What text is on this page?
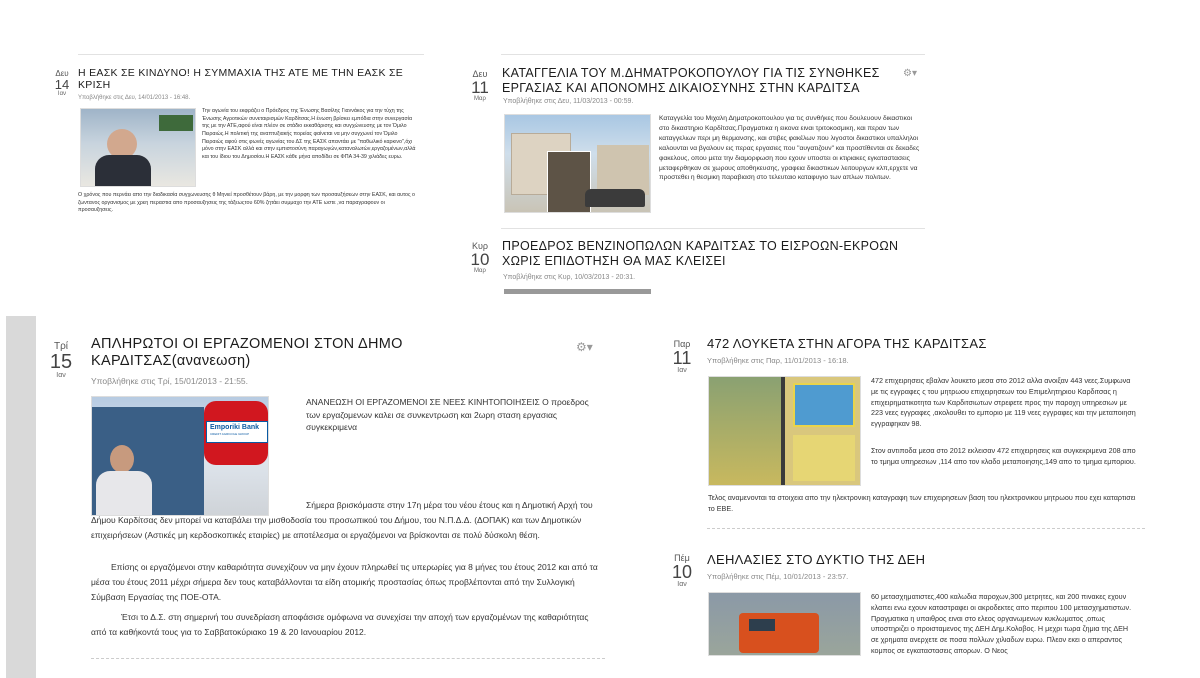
Δευ
14
Ιαν
Η ΕΑΣΚ ΣΕ ΚΙΝΔΥΝΟ! Η ΣΥΜΜΑΧΙΑ ΤΗΣ ΑΤΕ ΜΕ ΤΗΝ ΕΑΣΚ ΣΕ ΚΡΙΣΗ
Υποβλήθηκε στις Δευ, 14/01/2013 - 16:48.
Την αγωνία του εκφράζει ο Πρόεδρος της Ένωσης Βασίλης Γιαννάκος για την τύχη της Ένωσης Αγροτικών συνεταιρισμών Καρδίτσας.Η ένωση βρίσκει εμπόδια στην συνεργασία της με την ΑΤΕ,αφού είναι πλέον σε στάδιο εκκαθάρισης και συγχώνευσης με τον Όμιλο Πειραιώς.Η πολιτική της αναπτυξιακής πορείας φαίνεται να μην συγχωνεί τον Όμιλο Πειραιώς αφού στις φωνές αγωνίας του ΔΣ της ΕΑΣΚ απαντάει με "παθωλικό καρκινο",όχι μόνο στην ΕΑΣΚ αλλά και στην εμπιστοσύνη παραγωγών,καταναλωτών,εργαζομένων,αλλά και του ίδιου του Δημοσίου.Η ΕΑΣΚ κάθε μήνα αποδίδει σε ΦΠΑ 34-39 χιλιάδες ευρω.
Ο χρόνος που περνάει απο την διαδικασία συγχωνευσης θ Μηνιεί προσθέτουν βάρη, με την μορφη των προσαυξήσεων στην ΕΑΣΚ, και αυτος ο ζωντανος οργανισμος με χρεη περαστια απο προσαυξησεις της τάξεωςτου 60% ζητάει συμμαχο την ΑΤΕ ωστε ,να παραγραφουν οι προσαυξησεις.
Δευ
11
Μαρ
ΚΑΤΑΓΓΕΛΙΑ ΤΟΥ Μ.ΔΗΜΑΤΡΟΚΟΠΟΥΛΟΥ ΓΙΑ ΤΙΣ ΣΥΝΘΗΚΕΣ ΕΡΓΑΣΙΑΣ ΚΑΙ ΑΠΟΝΟΜΗΣ ΔΙΚΑΙΟΣΥΝΗΣ ΣΤΗΝ ΚΑΡΔΙΤΣΑ
⚙▾
Υποβλήθηκε στις Δευ, 11/03/2013 - 00:59.
Καταγγελία του Μιχαλη Δηματροκοπουλου για τις συνθήκες που δουλευουν δικαστικοι στο δικαστηριο Καρδίτσας.Πραγματικα η εικονα ειναι τριτοκοσμικη, και περαν των καταγγελιων περι μη θερμανσης, και στιβες φακέλων που λιγοστοι δικαστικοι υπαλληλοι καλουνται να βγαλουν εις περας εργασιες που "αυγατιζουν" και προστίθενται σε δεκαδες φακελους, οπου μετα την διαμορφωση που εχουν υποστει οι κτιριακες εγκαταστασεις μεταφερθηκαν σε χωρους αποθηκευσης, γραφεια δικαστικων λειτουργων κλπ,ερχετε να προστεθει η θεσμικη παραβιαση στο τελευταιο καταφυγιο των απλων πολιτων.
Κυρ
10
Μαρ
ΠΡΟΕΔΡΟΣ ΒΕΝΖΙΝΟΠΩΛΩΝ ΚΑΡΔΙΤΣΑΣ ΤΟ ΕΙΣΡΟΩΝ-ΕΚΡΟΩΝ ΧΩΡΙΣ ΕΠΙΔΟΤΗΣΗ ΘΑ ΜΑΣ ΚΛΕΙΣΕΙ
Υποβλήθηκε στις Κυρ, 10/03/2013 - 20:31.
Τρί
15
Ιαν
ΑΠΛΗΡΩΤΟΙ ΟΙ ΕΡΓΑΖΟΜΕΝΟΙ ΣΤΟΝ ΔΗΜΟ ΚΑΡΔΙΤΣΑΣ(ανανεωση)
⚙▾
Υποβλήθηκε στις Τρί, 15/01/2013 - 21:55.
Emporiki Bank
CREDIT AGRICOLE GROUP
ΑΝΑΝΕΩΣΗ ΟΙ ΕΡΓΑΖΟΜΕΝΟΙ ΣΕ ΝΕΕΣ ΚΙΝΗΤΟΠΟΙΗΣΕΙΣ Ο προεδρος των εργαζομενων καλει σε συνκεντρωση και 2ωρη σταση εργασιας συγκεκριμενα
Σήμερα βρισκόμαστε στην 17η μέρα του νέου έτους και η Δημοτική Αρχή του Δήμου Καρδίτσας δεν μπορεί να καταβάλει την μισθοδοσία του προσωπικού του Δήμου, του Ν.Π.Δ.Δ. (ΔΟΠΑΚ) και των Δημοτικών επιχειρήσεων (Αστικές μη κερδοσκοπικές εταιρίες) με αποτέλεσμα οι εργαζόμενοι να βρίσκονται σε πολύ δύσκολη θέση.
Επίσης οι εργαζόμενοι στην καθαριότητα συνεχίζουν να μην έχουν πληρωθεί τις υπερωρίες για 8 μήνες του έτους 2012 και από τα μέσα του έτους 2011 μέχρι σήμερα δεν τους καταβάλλονται τα είδη ατομικής προστασίας όπως προβλέπονται από την Συλλογική Σύμβαση Εργασίας της ΠΟΕ-ΟΤΑ.
Έτσι το Δ.Σ. στη σημερινή του συνεδρίαση αποφάσισε ομόφωνα να συνεχίσει την αποχή των εργαζομένων της καθαριότητας από τα καθήκοντά τους για το Σαββατοκύριακο 19 & 20 Ιανουαρίου 2012.
Παρ
11
Ιαν
472 ΛΟΥΚΕΤΑ ΣΤΗΝ ΑΓΟΡΑ ΤΗΣ ΚΑΡΔΙΤΣΑΣ
Υποβλήθηκε στις Παρ, 11/01/2013 - 16:18.
472 επιχειρησεις εβαλαν λουκετο μεσα στο 2012 αλλα ανοιξαν 443 νεες.Συμφωνα με τις εγγραφες ς του μητρωου επιχειρησεων του Επιμελητηριου Καρδιτσας η επιχειρηματικοτητα των Καρδιτσιωτων στρεφετε προς την παροχη υπηρεσιων με 223 νεες εγγραφες ,ακολουθει το εμποριο με 119 νεες εγγραφες και την μεταποιηση εγγραφηκαν 98.
Στον αντιποδα μεσα στο 2012 εκλεισαν 472 επιχειρησεις και συγκεκριμενα 208 απο το τμημα υπηρεσιων ,114 απο τον κλαδο μεταποιησης,149 απο το τμημα εμποριου.
Τελος αναμενονται τα στοιχεια απο την ηλεκτρονικη καταγραφη των επιχειρησεων βαση του ηλεκτρονικου μητρωου που εχει καταρτισει το ΕΒΕ.
Πέμ
10
Ιαν
ΛΕΗΛΑΣΙΕΣ ΣΤΟ ΔΥΚΤΙΟ ΤΗΣ ΔΕΗ
Υποβλήθηκε στις Πέμ, 10/01/2013 - 23:57.
60 μετασχηματιστες,400 καλωδια παροχων,300 μετρητες, και 200 πινακες εχουν κλαπει ενω εχουν καταστραφει οι ακροδεκτες απο περιπου 100 μετασχηματιστων. Πραγματικα η υπαιθρος ειναι στο ελεος οργανωμενων κυκλωματος ,οπως υποστηριζει ο προισταμενος της ΔΕΗ Δημ.Κολοβος. Η μεχρι τωρα ζημια της ΔΕΗ σε χρηματα ανερχετε σε ποσα πολλων χιλιαδων ευρω. Πλεον εκει ο απεραντος κομπος σε εγκαταστασεις απορων. Ο Νεος
